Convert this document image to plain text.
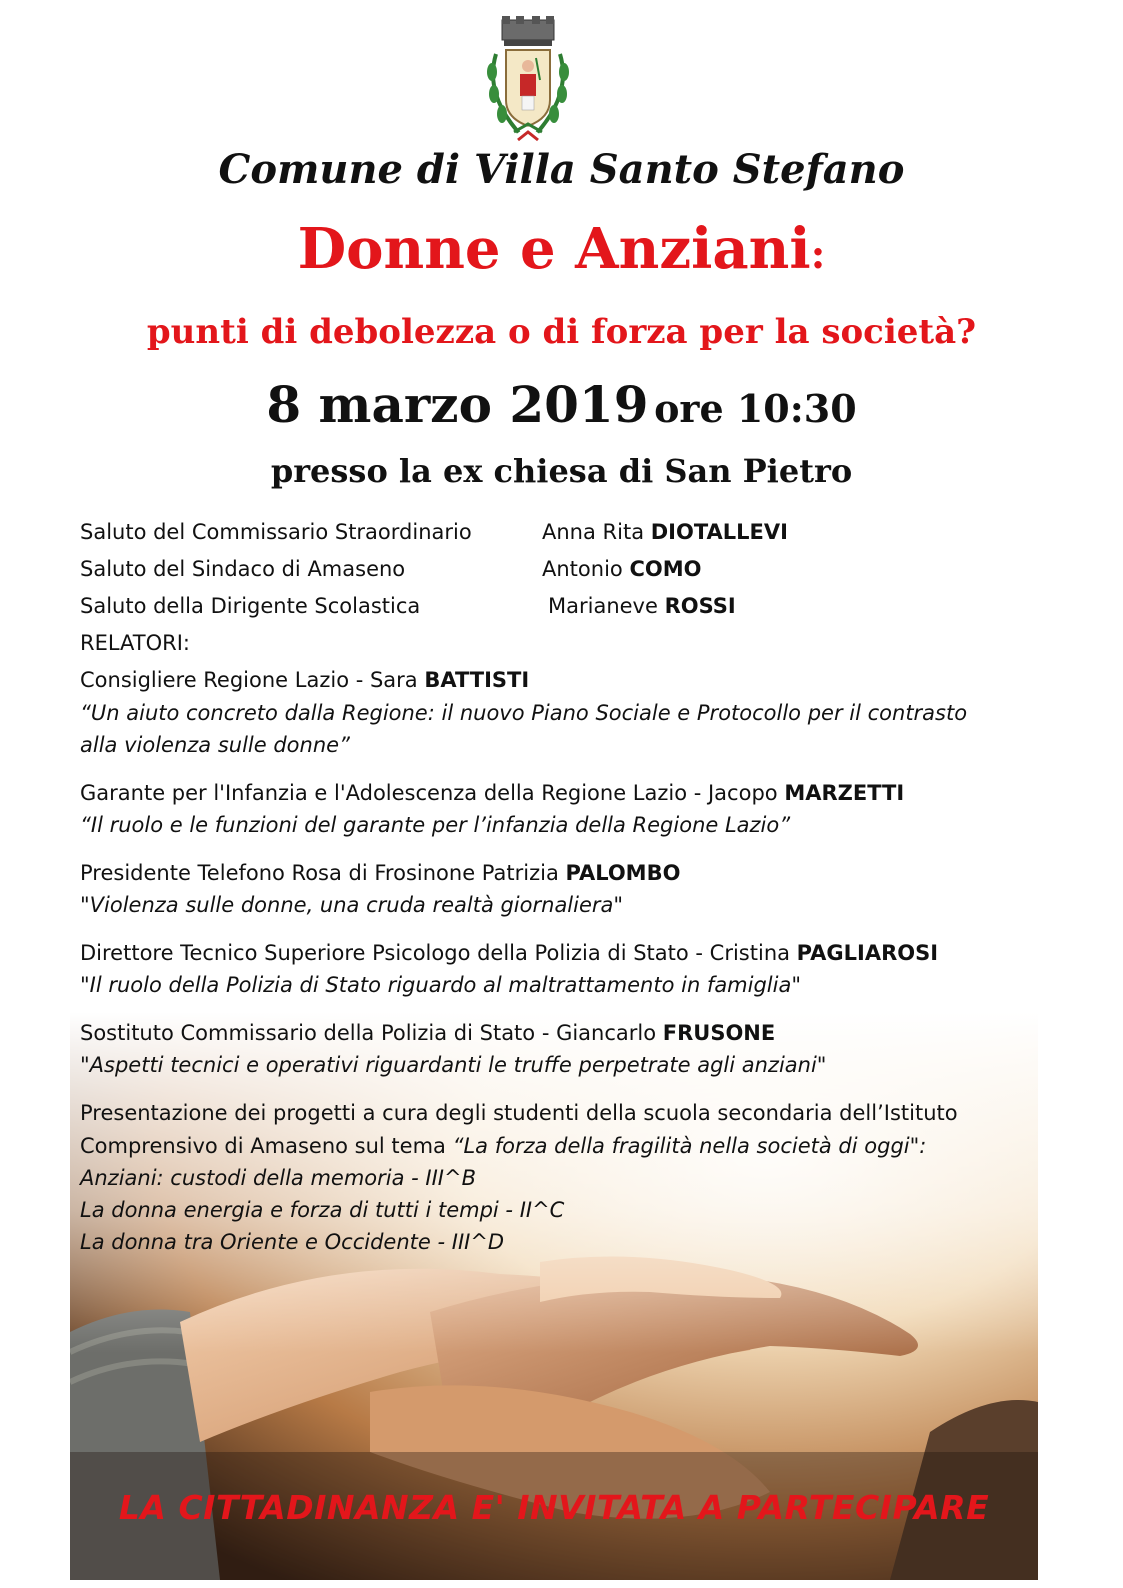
Comune di Villa Santo Stefano
Donne e Anziani:
punti di debolezza o di forza per la società?
8 marzo 2019 ore 10:30
presso la ex chiesa di San Pietro
Saluto del Commissario Straordinario	Anna Rita DIOTALLEVI
Saluto del Sindaco di Amaseno	Antonio COMO
Saluto della Dirigente Scolastica	Marianeve ROSSI
RELATORI:
Consigliere Regione Lazio - Sara BATTISTI
“Un aiuto concreto dalla Regione: il nuovo Piano Sociale e Protocollo per il contrasto
alla violenza sulle donne”
Garante per l'Infanzia e l'Adolescenza della Regione Lazio - Jacopo MARZETTI
“Il ruolo e le funzioni del garante per l’infanzia della Regione Lazio”
Presidente Telefono Rosa di Frosinone Patrizia PALOMBO
"Violenza sulle donne, una cruda realtà giornaliera"
Direttore Tecnico Superiore Psicologo della Polizia di Stato - Cristina PAGLIAROSI
"Il ruolo della Polizia di Stato riguardo al maltrattamento in famiglia"
Sostituto Commissario della Polizia di Stato - Giancarlo FRUSONE
"Aspetti tecnici e operativi riguardanti le truffe perpetrate agli anziani"
Presentazione dei progetti a cura degli studenti della scuola secondaria dell’Istituto
Comprensivo di Amaseno sul tema “La forza della fragilità nella società di oggi":
Anziani: custodi della memoria - III^B
La donna energia e forza di tutti i tempi - II^C
La donna tra Oriente e Occidente - III^D
LA CITTADINANZA E' INVITATA A PARTECIPARE
